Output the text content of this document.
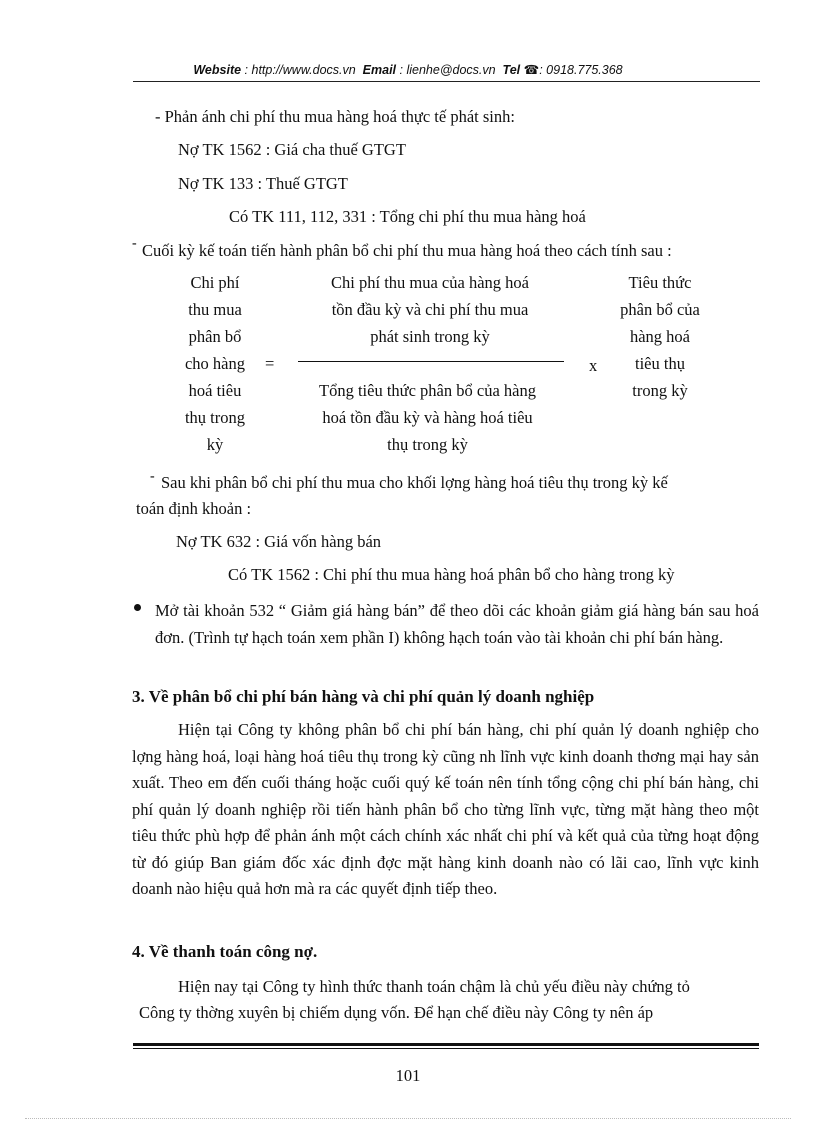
Website : http://www.docs.vn Email : lienhe@docs.vn Tel ☎: 0918.775.368
- Phản ánh chi phí thu mua hàng hoá thực tế phát sinh:
Nợ TK 1562 : Giá cha thuế GTGT
Nợ TK 133 : Thuế GTGT
Có TK 111, 112, 331 : Tổng chi phí thu mua hàng hoá
- Cuối kỳ kế toán tiến hành phân bổ chi phí thu mua hàng hoá theo cách tính sau :
Chi phí
thu mua
phân bổ
cho hàng
hoá tiêu
thụ trong
kỳ
=
Chi phí thu mua của hàng hoá
tồn đầu kỳ và chi phí thu mua
phát sinh trong kỳ
Tổng tiêu thức phân bổ của hàng
hoá tồn đầu kỳ và hàng hoá tiêu
thụ trong kỳ
x
Tiêu thức
phân bổ của
hàng hoá
tiêu thụ
trong kỳ
- Sau khi phân bổ chi phí thu mua cho khối lợng hàng hoá tiêu thụ trong kỳ kế
toán định khoản :
Nợ TK 632 : Giá vốn hàng bán
Có TK 1562 : Chi phí thu mua hàng hoá phân bổ cho hàng trong kỳ
Mở tài khoản 532 “ Giảm giá hàng bán” để theo dõi các khoản giảm giá hàng bán sau hoá đơn. (Trình tự hạch toán xem phần I) không hạch toán vào tài khoản chi phí bán hàng.
3. Về phân bổ chi phí bán hàng và chi phí quản lý doanh nghiệp
Hiện tại Công ty không phân bổ chi phí bán hàng, chi phí quản lý doanh nghiệp cho lợng hàng hoá, loại hàng hoá tiêu thụ trong kỳ cũng nh lĩnh vực kinh doanh thơng mại hay sản xuất. Theo em đến cuối tháng hoặc cuối quý kế toán nên tính tổng cộng chi phí bán hàng, chi phí quản lý doanh nghiệp rồi tiến hành phân bổ cho từng lĩnh vực, từng mặt hàng theo một tiêu thức phù hợp để phản ánh một cách chính xác nhất chi phí và kết quả của từng hoạt động từ đó giúp Ban giám đốc xác định đợc mặt hàng kinh doanh nào có lãi cao, lĩnh vực kinh doanh nào hiệu quả hơn mà ra các quyết định tiếp theo.
4. Về thanh toán công nợ.
Hiện nay tại Công ty hình thức thanh toán chậm là chủ yếu điều này chứng tỏ
Công ty thờng xuyên bị chiếm dụng vốn. Để hạn chế điều này Công ty nên áp
101
